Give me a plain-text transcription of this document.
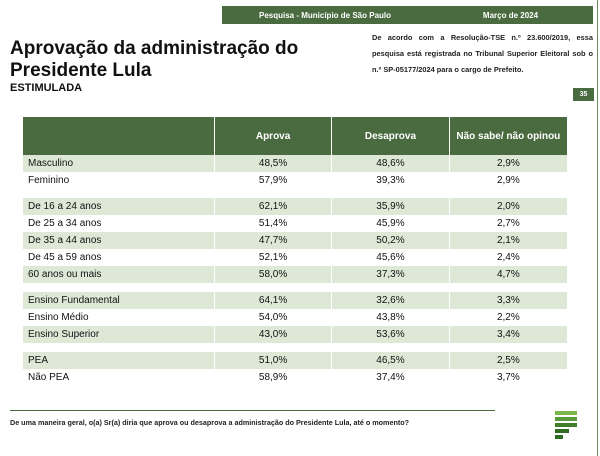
Pesquisa - Município de São Paulo	Março de 2024
Aprovação da administração do Presidente Lula
ESTIMULADA
De acordo com a Resolução-TSE n.º 23.600/2019, essa pesquisa está registrada no Tribunal Superior Eleitoral sob o n.º SP-05177/2024 para o cargo de Prefeito.
35
	Aprova	Desaprova	Não sabe/ não opinou
Masculino	48,5%	48,6%	2,9%
Feminino	57,9%	39,3%	2,9%

De 16 a 24 anos	62,1%	35,9%	2,0%
De 25 a 34 anos	51,4%	45,9%	2,7%
De 35 a 44 anos	47,7%	50,2%	2,1%
De 45 a 59 anos	52,1%	45,6%	2,4%
60 anos ou mais	58,0%	37,3%	4,7%

Ensino Fundamental	64,1%	32,6%	3,3%
Ensino Médio	54,0%	43,8%	2,2%
Ensino Superior	43,0%	53,6%	3,4%

PEA	51,0%	46,5%	2,5%
Não PEA	58,9%	37,4%	3,7%
De uma maneira geral, o(a) Sr(a) diria que aprova ou desaprova a administração do Presidente Lula, até o momento?
